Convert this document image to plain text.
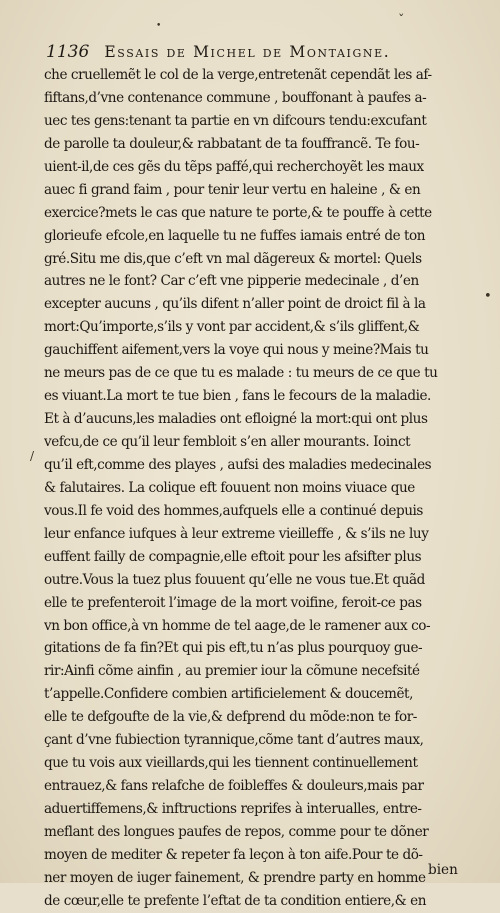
ˇ
•
•
/
1136 Essais de Michel de Montaigne.
che cruellemẽt le col de la verge,entretenãt cependãt les af-
fiftans,d’vne contenance commune , bouffonant à paufes a-
uec tes gens:tenant ta partie en vn difcours tendu:excufant
de parolle ta douleur,& rabbatant de ta fouffrancẽ. Te fou-
uient-il,de ces gẽs du tẽps paffé,qui recherchoyẽt les maux
auec fi grand faim , pour tenir leur vertu en haleine , & en
exercice?mets le cas que nature te porte,& te pouffe à cette
glorieufe efcole,en laquelle tu ne fuffes iamais entré de ton
gré.Situ me dis,que c’eft vn mal dãgereux & mortel: Quels
autres ne le font? Car c’eft vne pipperie medecinale , d’en
excepter aucuns , qu’ils difent n’aller point de droict fil à la
mort:Qu’importe,s’ils y vont par accident,& s’ils gliffent,&
gauchiffent aifement,vers la voye qui nous y meine?Mais tu
ne meurs pas de ce que tu es malade : tu meurs de ce que tu
es viuant.La mort te tue bien , fans le fecours de la maladie.
Et à d’aucuns,les maladies ont efloigné la mort:qui ont plus
vefcu,de ce qu’il leur fembloit s’en aller mourants. Ioinct
qu’il eft,comme des playes , aufsi des maladies medecinales
& falutaires. La colique eft fouuent non moins viuace que
vous.Il fe void des hommes,aufquels elle a continué depuis
leur enfance iufques à leur extreme vieilleffe , & s’ils ne luy
euffent failly de compagnie,elle eftoit pour les afsifter plus
outre.Vous la tuez plus fouuent qu’elle ne vous tue.Et quãd
elle te prefenteroit l’image de la mort voifine, feroit-ce pas
vn bon office,à vn homme de tel aage,de le ramener aux co-
gitations de fa fin?Et qui pis eft,tu n’as plus pourquoy gue-
rir:Ainfi cõme ainfin , au premier iour la cõmune necefsité
t’appelle.Confidere combien artificielement & doucemẽt,
elle te defgoufte de la vie,& defprend du mõde:non te for-
çant d’vne fubiection tyrannique,cõme tant d’autres maux,
que tu vois aux vieillards,qui les tiennent continuellement
entrauez,& fans relafche de foibleffes & douleurs,mais par
aduertiffemens,& inftructions reprifes à interualles, entre-
meflant des longues paufes de repos, comme pour te dõner
moyen de mediter & repeter fa leçon à ton aife.Pour te dõ-
ner moyen de iuger fainement, & prendre party en homme
de cœur,elle te prefente l’eftat de ta condition entiere,& en
bien
